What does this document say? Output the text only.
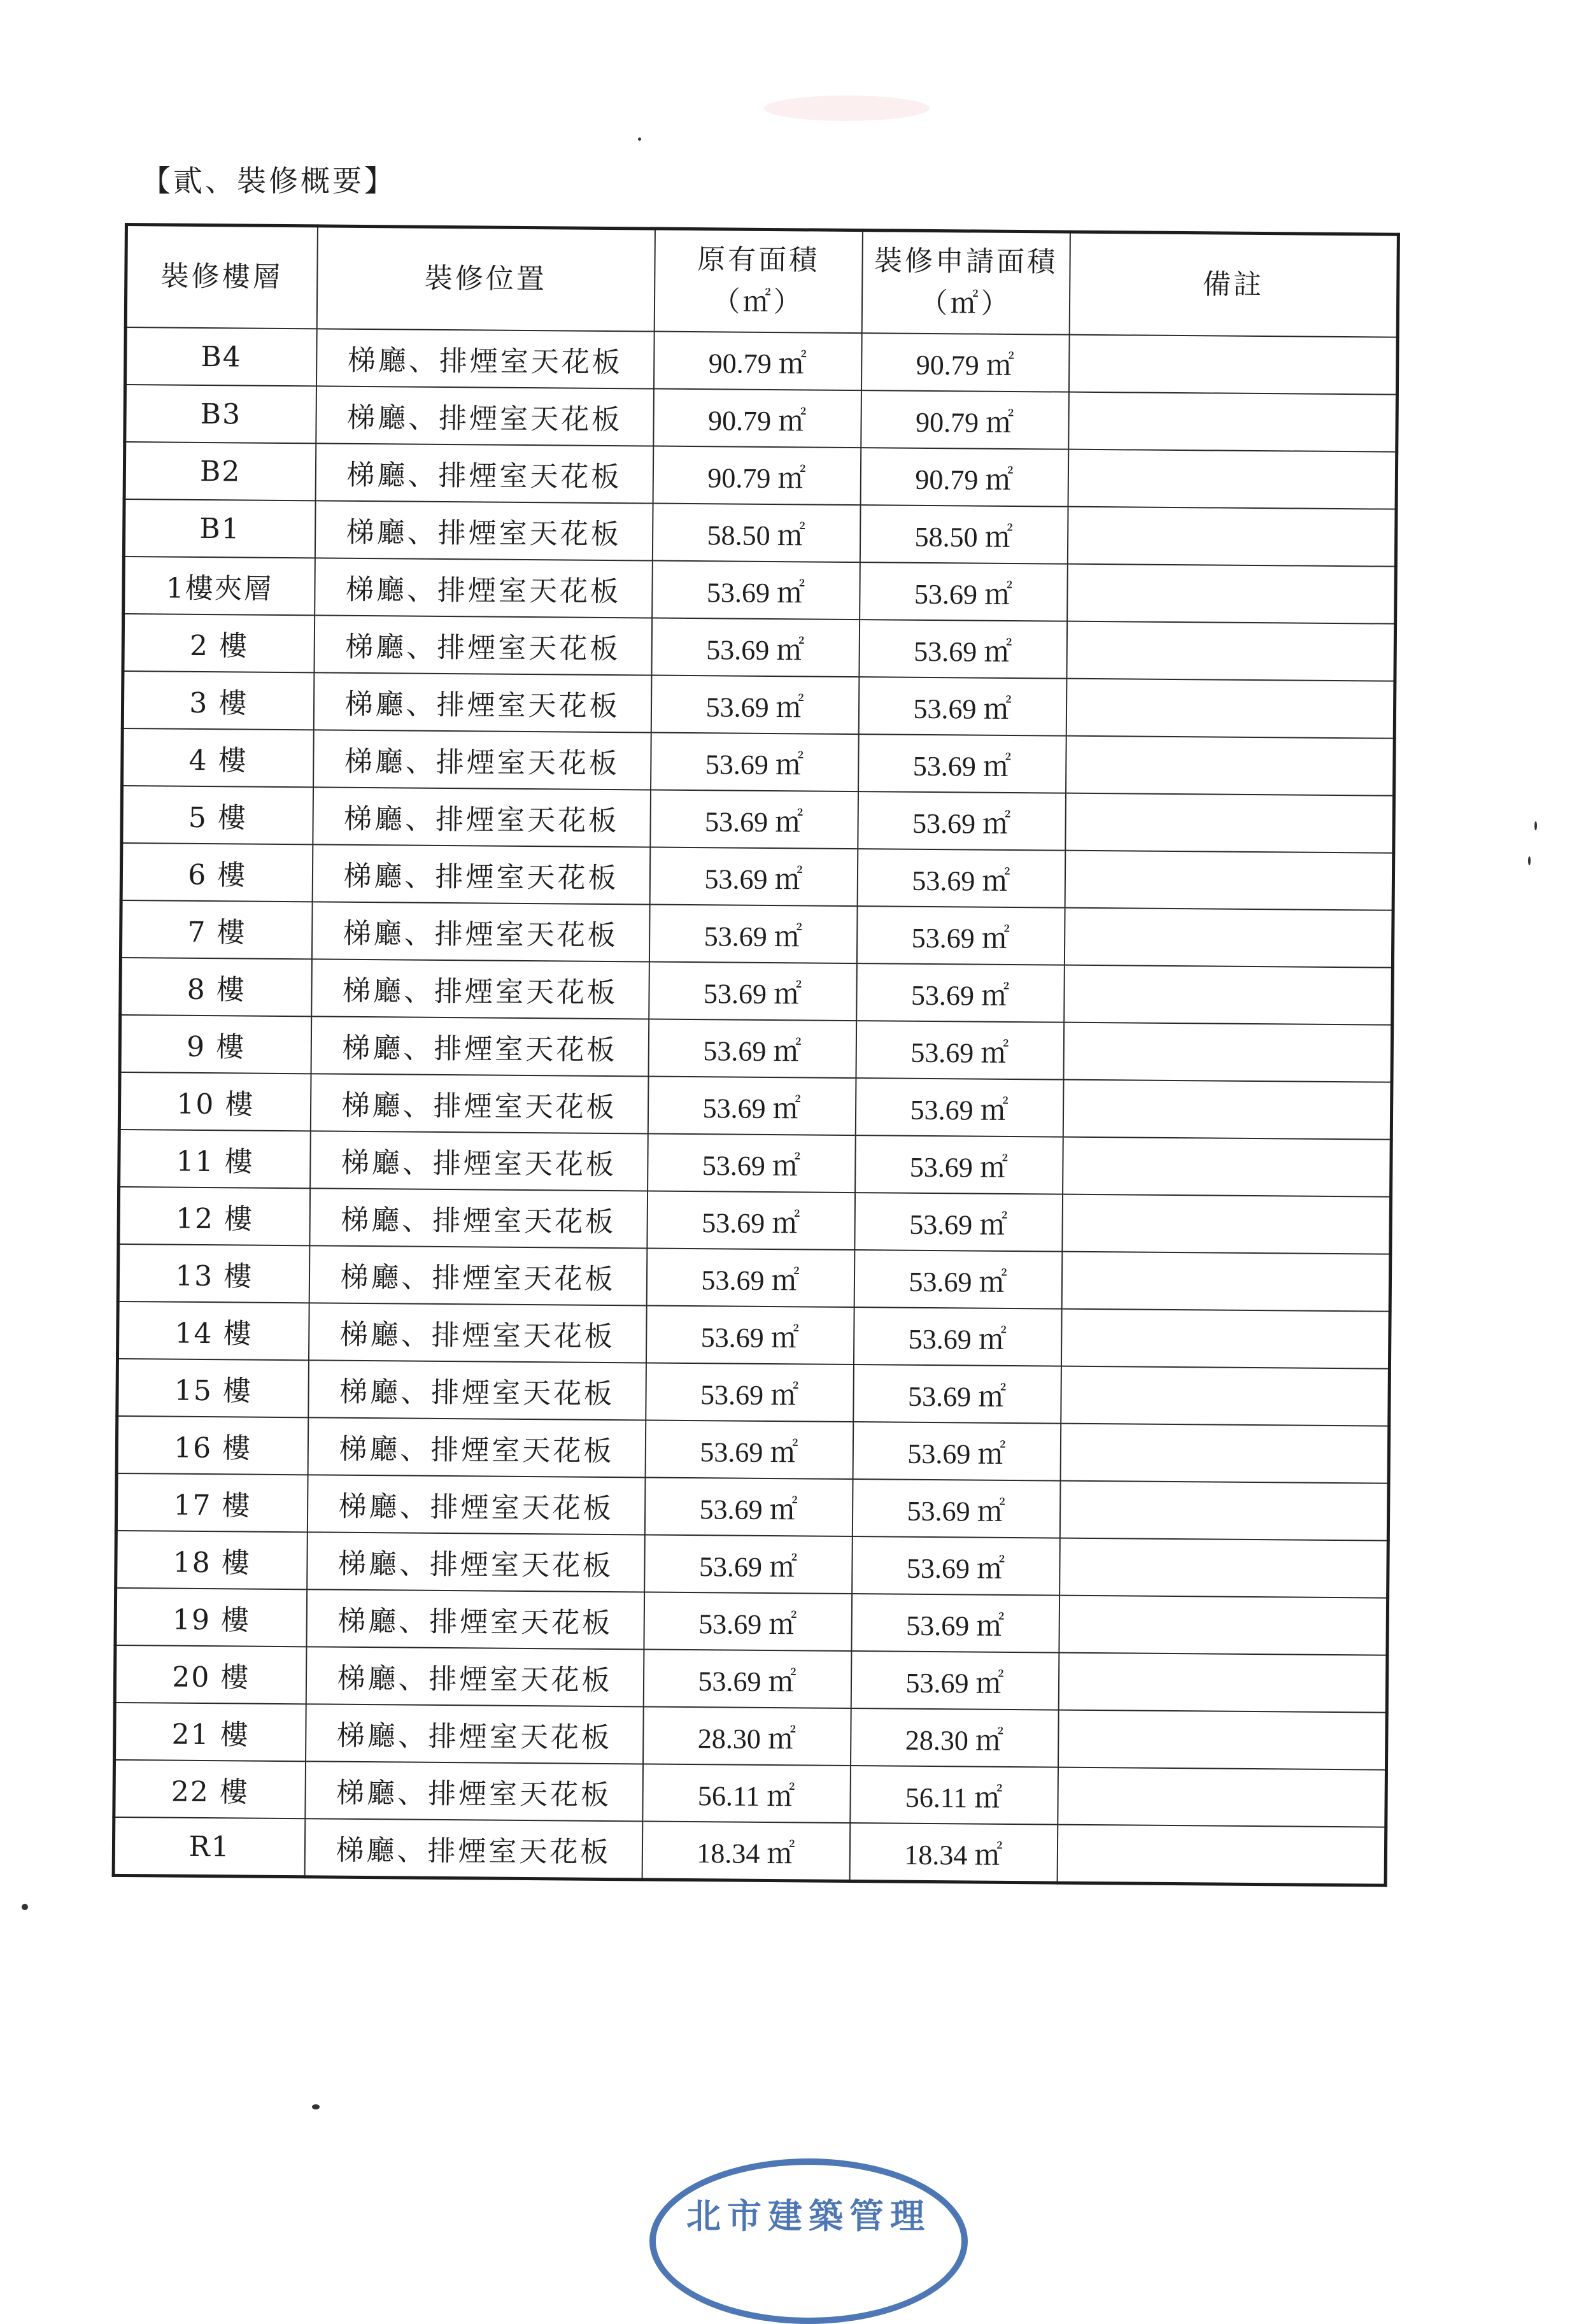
【貳、裝修概要】
裝修樓層	裝修位置	原有面積（㎡）	裝修申請面積（㎡）	備註
B4	梯廳、排煙室天花板	90.79 ㎡	90.79 ㎡	
B3	梯廳、排煙室天花板	90.79 ㎡	90.79 ㎡	
B2	梯廳、排煙室天花板	90.79 ㎡	90.79 ㎡	
B1	梯廳、排煙室天花板	58.50 ㎡	58.50 ㎡	
1樓夾層	梯廳、排煙室天花板	53.69 ㎡	53.69 ㎡	
2 樓	梯廳、排煙室天花板	53.69 ㎡	53.69 ㎡	
3 樓	梯廳、排煙室天花板	53.69 ㎡	53.69 ㎡	
4 樓	梯廳、排煙室天花板	53.69 ㎡	53.69 ㎡	
5 樓	梯廳、排煙室天花板	53.69 ㎡	53.69 ㎡	
6 樓	梯廳、排煙室天花板	53.69 ㎡	53.69 ㎡	
7 樓	梯廳、排煙室天花板	53.69 ㎡	53.69 ㎡	
8 樓	梯廳、排煙室天花板	53.69 ㎡	53.69 ㎡	
9 樓	梯廳、排煙室天花板	53.69 ㎡	53.69 ㎡	
10 樓	梯廳、排煙室天花板	53.69 ㎡	53.69 ㎡	
11 樓	梯廳、排煙室天花板	53.69 ㎡	53.69 ㎡	
12 樓	梯廳、排煙室天花板	53.69 ㎡	53.69 ㎡	
13 樓	梯廳、排煙室天花板	53.69 ㎡	53.69 ㎡	
14 樓	梯廳、排煙室天花板	53.69 ㎡	53.69 ㎡	
15 樓	梯廳、排煙室天花板	53.69 ㎡	53.69 ㎡	
16 樓	梯廳、排煙室天花板	53.69 ㎡	53.69 ㎡	
17 樓	梯廳、排煙室天花板	53.69 ㎡	53.69 ㎡	
18 樓	梯廳、排煙室天花板	53.69 ㎡	53.69 ㎡	
19 樓	梯廳、排煙室天花板	53.69 ㎡	53.69 ㎡	
20 樓	梯廳、排煙室天花板	53.69 ㎡	53.69 ㎡	
21 樓	梯廳、排煙室天花板	28.30 ㎡	28.30 ㎡	
22 樓	梯廳、排煙室天花板	56.11 ㎡	56.11 ㎡	
R1	梯廳、排煙室天花板	18.34 ㎡	18.34 ㎡	
北市建築管理
